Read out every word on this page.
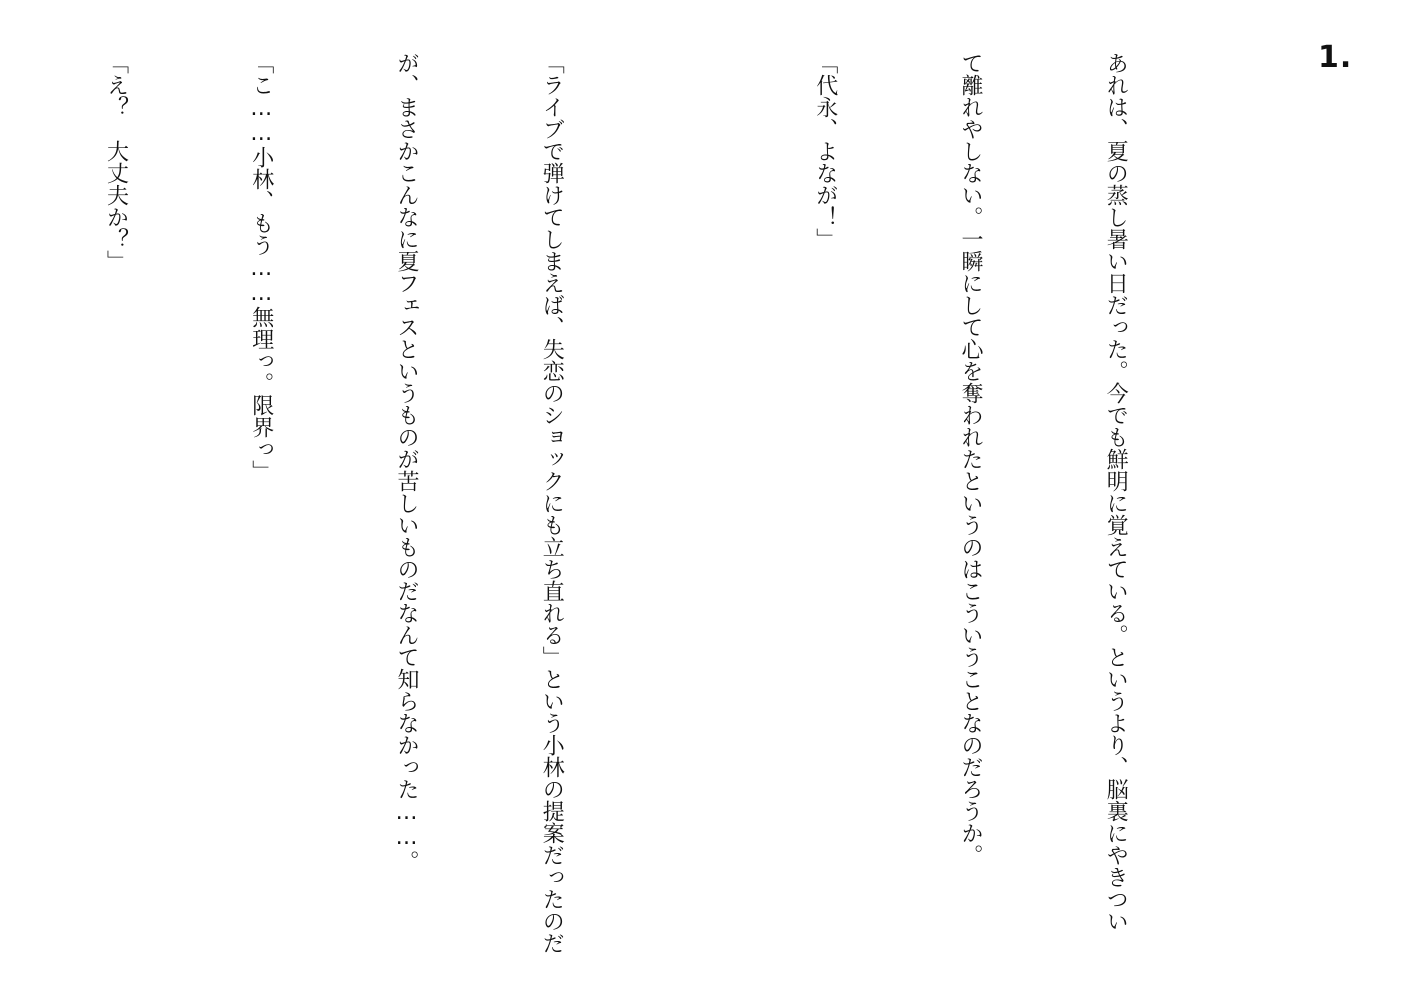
1.

あれは、夏の蒸し暑い日だった。今でも鮮明に覚えている。というより、脳裏にやきつい

て離れやしない。一瞬にして心を奪われたというのはこういうことなのだろうか。

「代永、よなが！」

「ライブで弾けてしまえば、失恋のショックにも立ち直れる」という小林の提案だったのだ

が、まさかこんなに夏フェスというものが苦しいものだなんて知らなかった……。

「こ……小林、もう……無理っ。限界っ」

「え？　大丈夫か？」
